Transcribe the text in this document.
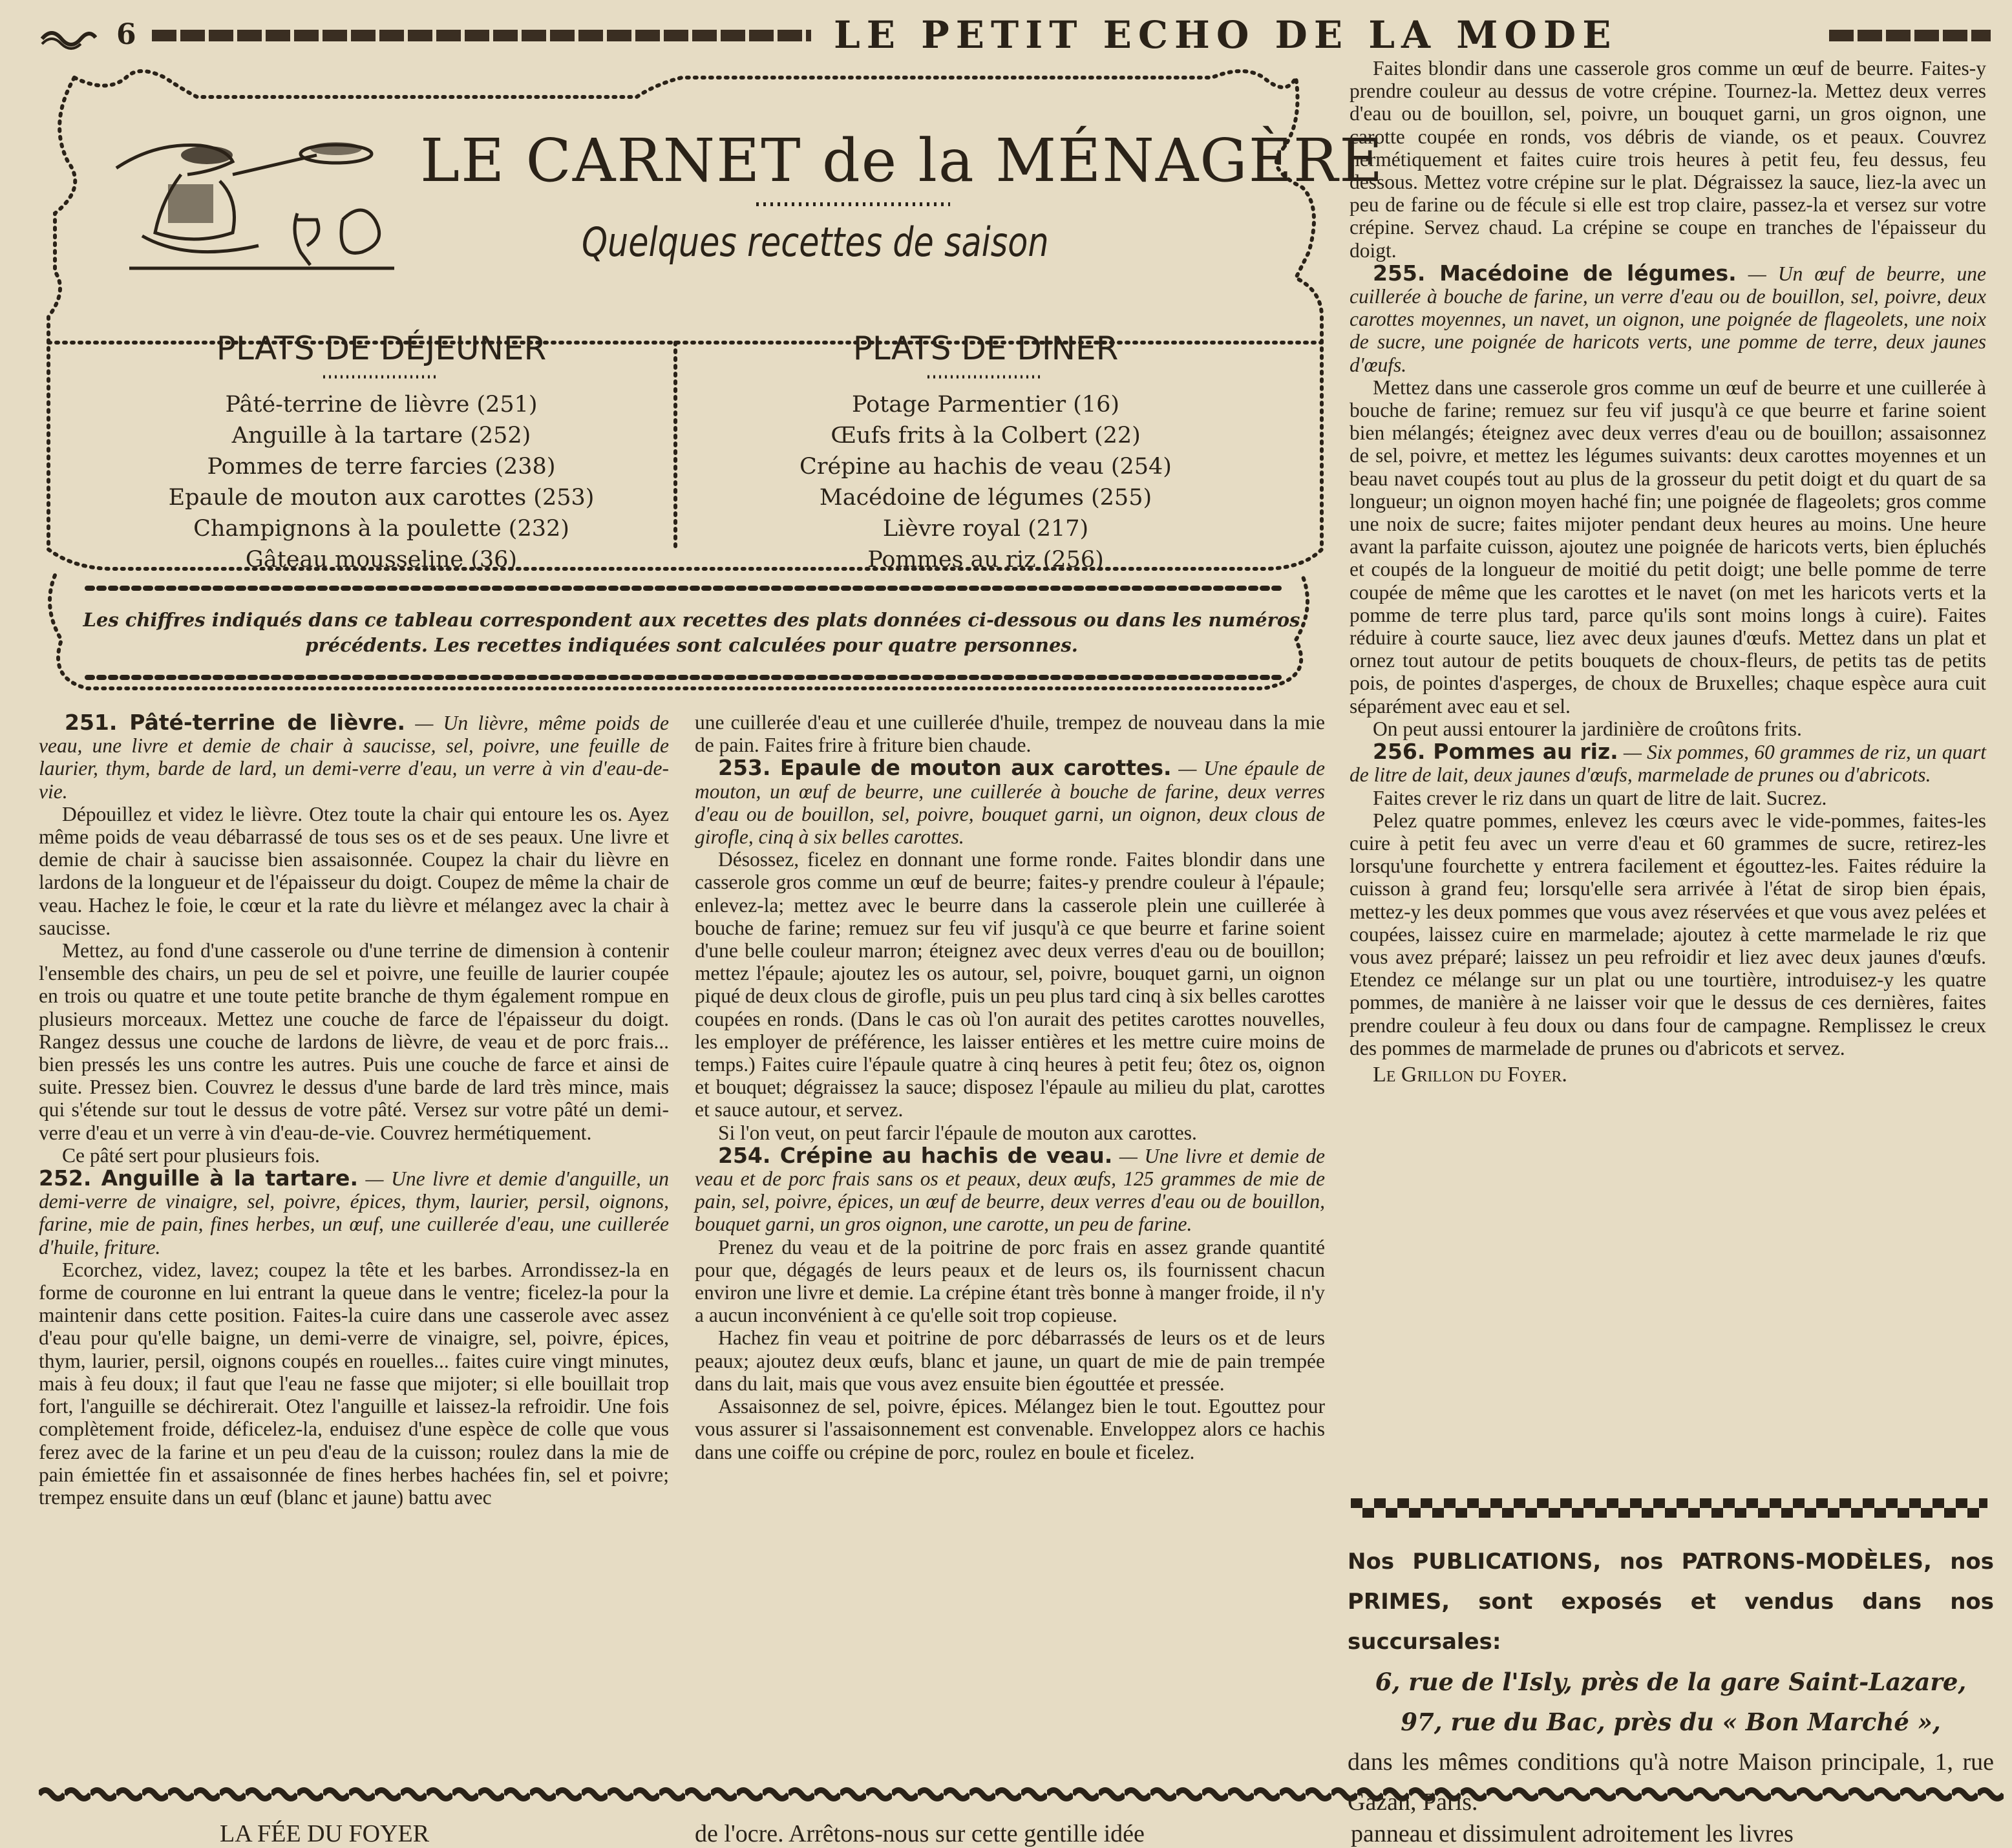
6	LE PETIT ECHO DE LA MODE
LE CARNET de la MÉNAGÈRE
Quelques recettes de saison
PLATS DE DÉJEUNER
Pâté-terrine de lièvre (251)
Anguille à la tartare (252)
Pommes de terre farcies (238)
Epaule de mouton aux carottes (253)
Champignons à la poulette (232)
Gâteau mousseline (36)
PLATS DE DINER
Potage Parmentier (16)
Œufs frits à la Colbert (22)
Crépine au hachis de veau (254)
Macédoine de légumes (255)
Lièvre royal (217)
Pommes au riz (256)
Les chiffres indiqués dans ce tableau correspondent aux recettes des plats données ci-dessous ou dans les numéros précédents. Les recettes indiquées sont calculées pour quatre personnes.

251. Pâté-terrine de lièvre. — Un lièvre, même poids de veau, une livre et demie de chair à saucisse, sel, poivre, une feuille de laurier, thym, barde de lard, un demi-verre d'eau, un verre à vin d'eau-de-vie.

Dépouillez et videz le lièvre. Otez toute la chair qui entoure les os. Ayez même poids de veau débarrassé de tous ses os et de ses peaux. Une livre et demie de chair à saucisse bien assaisonnée. Coupez la chair du lièvre en lardons de la longueur et de l'épaisseur du doigt. Coupez de même la chair de veau. Hachez le foie, le cœur et la rate du lièvre et mélangez avec la chair à saucisse.

Mettez, au fond d'une casserole ou d'une terrine de dimension à contenir l'ensemble des chairs, un peu de sel et poivre, une feuille de laurier coupée en trois ou quatre et une toute petite branche de thym également rompue en plusieurs morceaux. Mettez une couche de farce de l'épaisseur du doigt. Rangez dessus une couche de lardons de lièvre, de veau et de porc frais... bien pressés les uns contre les autres. Puis une couche de farce et ainsi de suite. Pressez bien. Couvrez le dessus d'une barde de lard très mince, mais qui s'étende sur tout le dessus de votre pâté. Versez sur votre pâté un demi-verre d'eau et un verre à vin d'eau-de-vie. Couvrez hermétiquement.

Ce pâté sert pour plusieurs fois.

252. Anguille à la tartare. — Une livre et demie d'anguille, un demi-verre de vinaigre, sel, poivre, épices, thym, laurier, persil, oignons, farine, mie de pain, fines herbes, un œuf, une cuillerée d'eau, une cuillerée d'huile, friture.

Ecorchez, videz, lavez; coupez la tête et les barbes. Arrondissez-la en forme de couronne en lui entrant la queue dans le ventre; ficelez-la pour la maintenir dans cette position. Faites-la cuire dans une casserole avec assez d'eau pour qu'elle baigne, un demi-verre de vinaigre, sel, poivre, épices, thym, laurier, persil, oignons coupés en rouelles... faites cuire vingt minutes, mais à feu doux; il faut que l'eau ne fasse que mijoter; si elle bouillait trop fort, l'anguille se déchirerait. Otez l'anguille et laissez-la refroidir. Une fois complètement froide, déficelez-la, enduisez d'une espèce de colle que vous ferez avec de la farine et un peu d'eau de la cuisson; roulez dans la mie de pain émiettée fin et assaisonnée de fines herbes hachées fin, sel et poivre; trempez ensuite dans un œuf (blanc et jaune) battu avec

une cuillerée d'eau et une cuillerée d'huile, trempez de nouveau dans la mie de pain. Faites frire à friture bien chaude.

253. Epaule de mouton aux carottes. — Une épaule de mouton, un œuf de beurre, une cuillerée à bouche de farine, deux verres d'eau ou de bouillon, sel, poivre, bouquet garni, un oignon, deux clous de girofle, cinq à six belles carottes.

Désossez, ficelez en donnant une forme ronde. Faites blondir dans une casserole gros comme un œuf de beurre; faites-y prendre couleur à l'épaule; enlevez-la; mettez avec le beurre dans la casserole plein une cuillerée à bouche de farine; remuez sur feu vif jusqu'à ce que beurre et farine soient d'une belle couleur marron; éteignez avec deux verres d'eau ou de bouillon; mettez l'épaule; ajoutez les os autour, sel, poivre, bouquet garni, un oignon piqué de deux clous de girofle, puis un peu plus tard cinq à six belles carottes coupées en ronds. (Dans le cas où l'on aurait des petites carottes nouvelles, les employer de préférence, les laisser entières et les mettre cuire moins de temps.) Faites cuire l'épaule quatre à cinq heures à petit feu; ôtez os, oignon et bouquet; dégraissez la sauce; disposez l'épaule au milieu du plat, carottes et sauce autour, et servez.

Si l'on veut, on peut farcir l'épaule de mouton aux carottes.

254. Crépine au hachis de veau. — Une livre et demie de veau et de porc frais sans os et peaux, deux œufs, 125 grammes de mie de pain, sel, poivre, épices, un œuf de beurre, deux verres d'eau ou de bouillon, bouquet garni, un gros oignon, une carotte, un peu de farine.

Prenez du veau et de la poitrine de porc frais en assez grande quantité pour que, dégagés de leurs peaux et de leurs os, ils fournissent chacun environ une livre et demie. La crépine étant très bonne à manger froide, il n'y a aucun inconvénient à ce qu'elle soit trop copieuse.

Hachez fin veau et poitrine de porc débarrassés de leurs os et de leurs peaux; ajoutez deux œufs, blanc et jaune, un quart de mie de pain trempée dans du lait, mais que vous avez ensuite bien égouttée et pressée.

Assaisonnez de sel, poivre, épices. Mélangez bien le tout. Egouttez pour vous assurer si l'assaisonnement est convenable. Enveloppez alors ce hachis dans une coiffe ou crépine de porc, roulez en boule et ficelez.

Faites blondir dans une casserole gros comme un œuf de beurre. Faites-y prendre couleur au dessus de votre crépine. Tournez-la. Mettez deux verres d'eau ou de bouillon, sel, poivre, un bouquet garni, un gros oignon, une carotte coupée en ronds, vos débris de viande, os et peaux. Couvrez hermétiquement et faites cuire trois heures à petit feu, feu dessus, feu dessous. Mettez votre crépine sur le plat. Dégraissez la sauce, liez-la avec un peu de farine ou de fécule si elle est trop claire, passez-la et versez sur votre crépine. Servez chaud. La crépine se coupe en tranches de l'épaisseur du doigt.

255. Macédoine de légumes. — Un œuf de beurre, une cuillerée à bouche de farine, un verre d'eau ou de bouillon, sel, poivre, deux carottes moyennes, un navet, un oignon, une poignée de flageolets, une noix de sucre, une poignée de haricots verts, une pomme de terre, deux jaunes d'œufs.

Mettez dans une casserole gros comme un œuf de beurre et une cuillerée à bouche de farine; remuez sur feu vif jusqu'à ce que beurre et farine soient bien mélangés; éteignez avec deux verres d'eau ou de bouillon; assaisonnez de sel, poivre, et mettez les légumes suivants: deux carottes moyennes et un beau navet coupés tout au plus de la grosseur du petit doigt et du quart de sa longueur; un oignon moyen haché fin; une poignée de flageolets; gros comme une noix de sucre; faites mijoter pendant deux heures au moins. Une heure avant la parfaite cuisson, ajoutez une poignée de haricots verts, bien épluchés et coupés de la longueur de moitié du petit doigt; une belle pomme de terre coupée de même que les carottes et le navet (on met les haricots verts et la pomme de terre plus tard, parce qu'ils sont moins longs à cuire). Faites réduire à courte sauce, liez avec deux jaunes d'œufs. Mettez dans un plat et ornez tout autour de petits bouquets de choux-fleurs, de petits tas de petits pois, de pointes d'asperges, de choux de Bruxelles; chaque espèce aura cuit séparément avec eau et sel.

On peut aussi entourer la jardinière de croûtons frits.

256. Pommes au riz. — Six pommes, 60 grammes de riz, un quart de litre de lait, deux jaunes d'œufs, marmelade de prunes ou d'abricots.

Faites crever le riz dans un quart de litre de lait. Sucrez.

Pelez quatre pommes, enlevez les cœurs avec le vide-pommes, faites-les cuire à petit feu avec un verre d'eau et 60 grammes de sucre, retirez-les lorsqu'une fourchette y entrera facilement et égouttez-les. Faites réduire la cuisson à grand feu; lorsqu'elle sera arrivée à l'état de sirop bien épais, mettez-y les deux pommes que vous avez réservées et que vous avez pelées et coupées, laissez cuire en marmelade; ajoutez à cette marmelade le riz que vous avez préparé; laissez un peu refroidir et liez avec deux jaunes d'œufs. Etendez ce mélange sur un plat ou une tourtière, introduisez-y les quatre pommes, de manière à ne laisser voir que le dessus de ces dernières, faites prendre couleur à feu doux ou dans four de campagne. Remplissez le creux des pommes de marmelade de prunes ou d'abricots et servez.

Le Grillon du Foyer.

Nos PUBLICATIONS, nos PATRONS-MODÈLES, nos PRIMES, sont exposés et vendus dans nos succursales:
6, rue de l'Isly, près de la gare Saint-Lazare,
97, rue du Bac, près du « Bon Marché »,
dans les mêmes conditions qu'à notre Maison principale, 1, rue
LA FÉE DU FOYER	de l'ocre. Arrêtons-nous sur cette gentille idée	panneau et dissimulent adroitement les livres
